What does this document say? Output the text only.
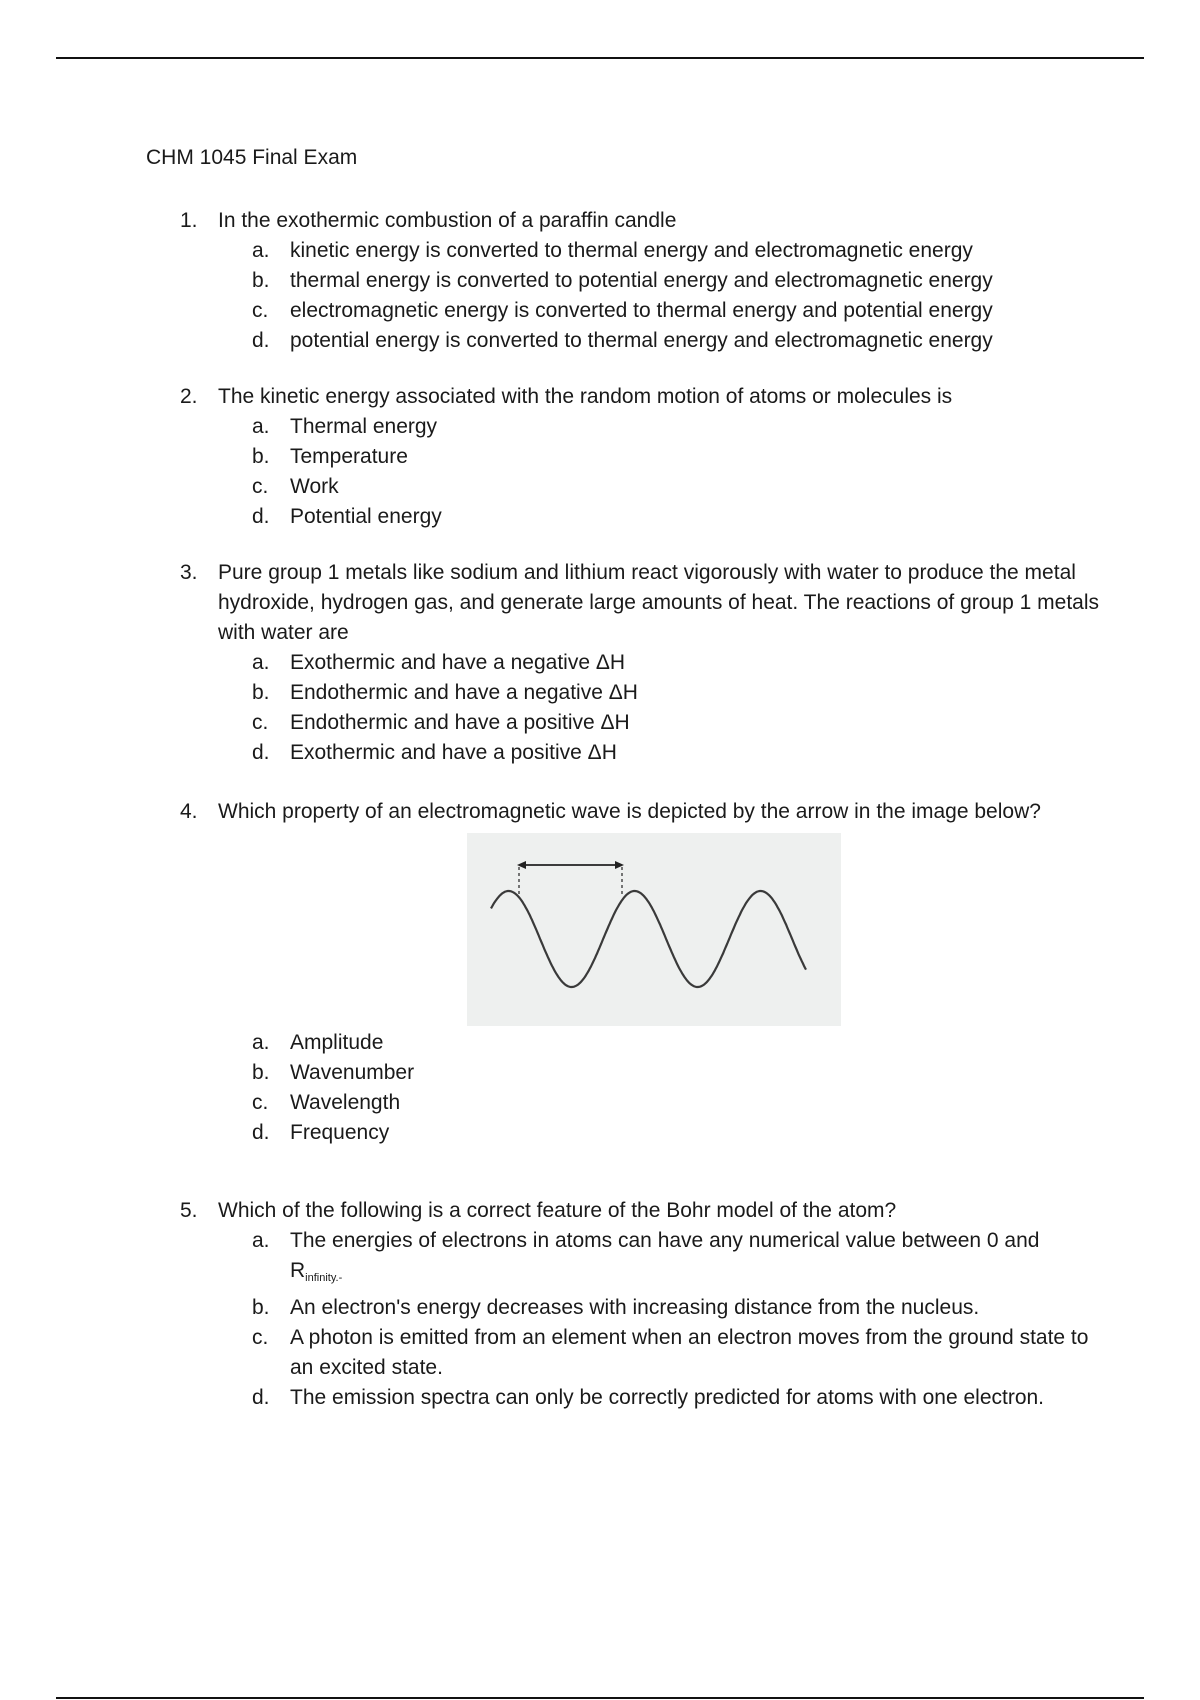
CHM 1045 Final Exam
1. In the exothermic combustion of a paraffin candle
a. kinetic energy is converted to thermal energy and electromagnetic energy
b. thermal energy is converted to potential energy and electromagnetic energy
c. electromagnetic energy is converted to thermal energy and potential energy
d. potential energy is converted to thermal energy and electromagnetic energy
2. The kinetic energy associated with the random motion of atoms or molecules is
a. Thermal energy
b. Temperature
c. Work
d. Potential energy
3. Pure group 1 metals like sodium and lithium react vigorously with water to produce the metal hydroxide, hydrogen gas, and generate large amounts of heat. The reactions of group 1 metals with water are
a. Exothermic and have a negative ΔH
b. Endothermic and have a negative ΔH
c. Endothermic and have a positive ΔH
d. Exothermic and have a positive ΔH
4. Which property of an electromagnetic wave is depicted by the arrow in the image below?
a. Amplitude
b. Wavenumber
c. Wavelength
d. Frequency
5. Which of the following is a correct feature of the Bohr model of the atom?
a. The energies of electrons in atoms can have any numerical value between 0 and
$R_{infinity.-}$
b. An electron's energy decreases with increasing distance from the nucleus.
c. A photon is emitted from an element when an electron moves from the ground state to an excited state.
d. The emission spectra can only be correctly predicted for atoms with one electron.
